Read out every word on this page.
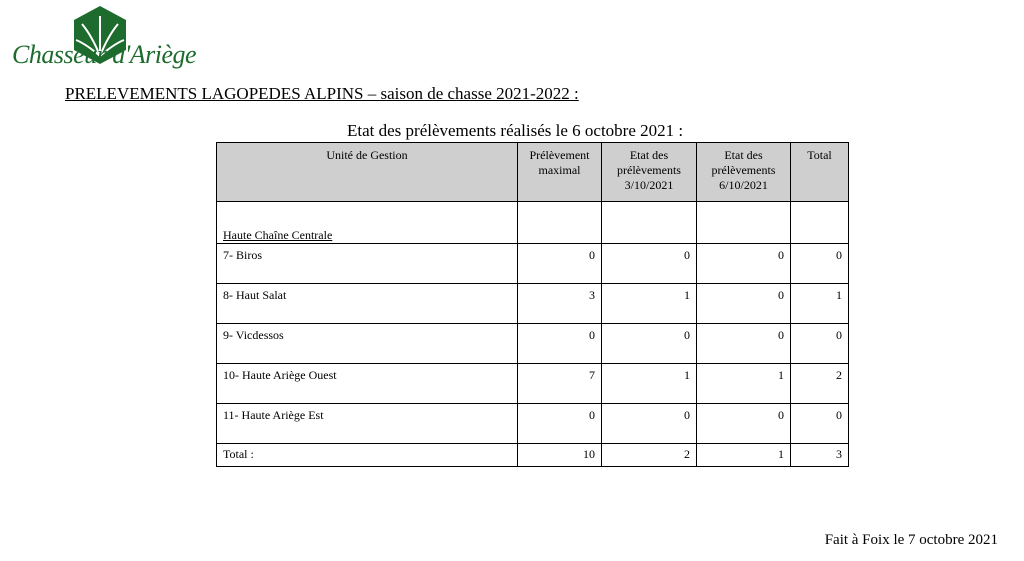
Chasseur d'Ariège
PRELEVEMENTS LAGOPEDES ALPINS – saison de chasse 2021-2022 :
Etat des prélèvements réalisés le 6 octobre 2021 :
Unité de Gestion	Prélèvement maximal	Etat des prélèvements 3/10/2021	Etat des prélèvements 6/10/2021	Total
Haute Chaîne Centrale				
7- Biros	0	0	0	0
8- Haut Salat	3	1	0	1
9- Vicdessos	0	0	0	0
10- Haute Ariège Ouest	7	1	1	2
11- Haute Ariège Est	0	0	0	0
Total :	10	2	1	3
Fait à Foix le 7 octobre 2021
